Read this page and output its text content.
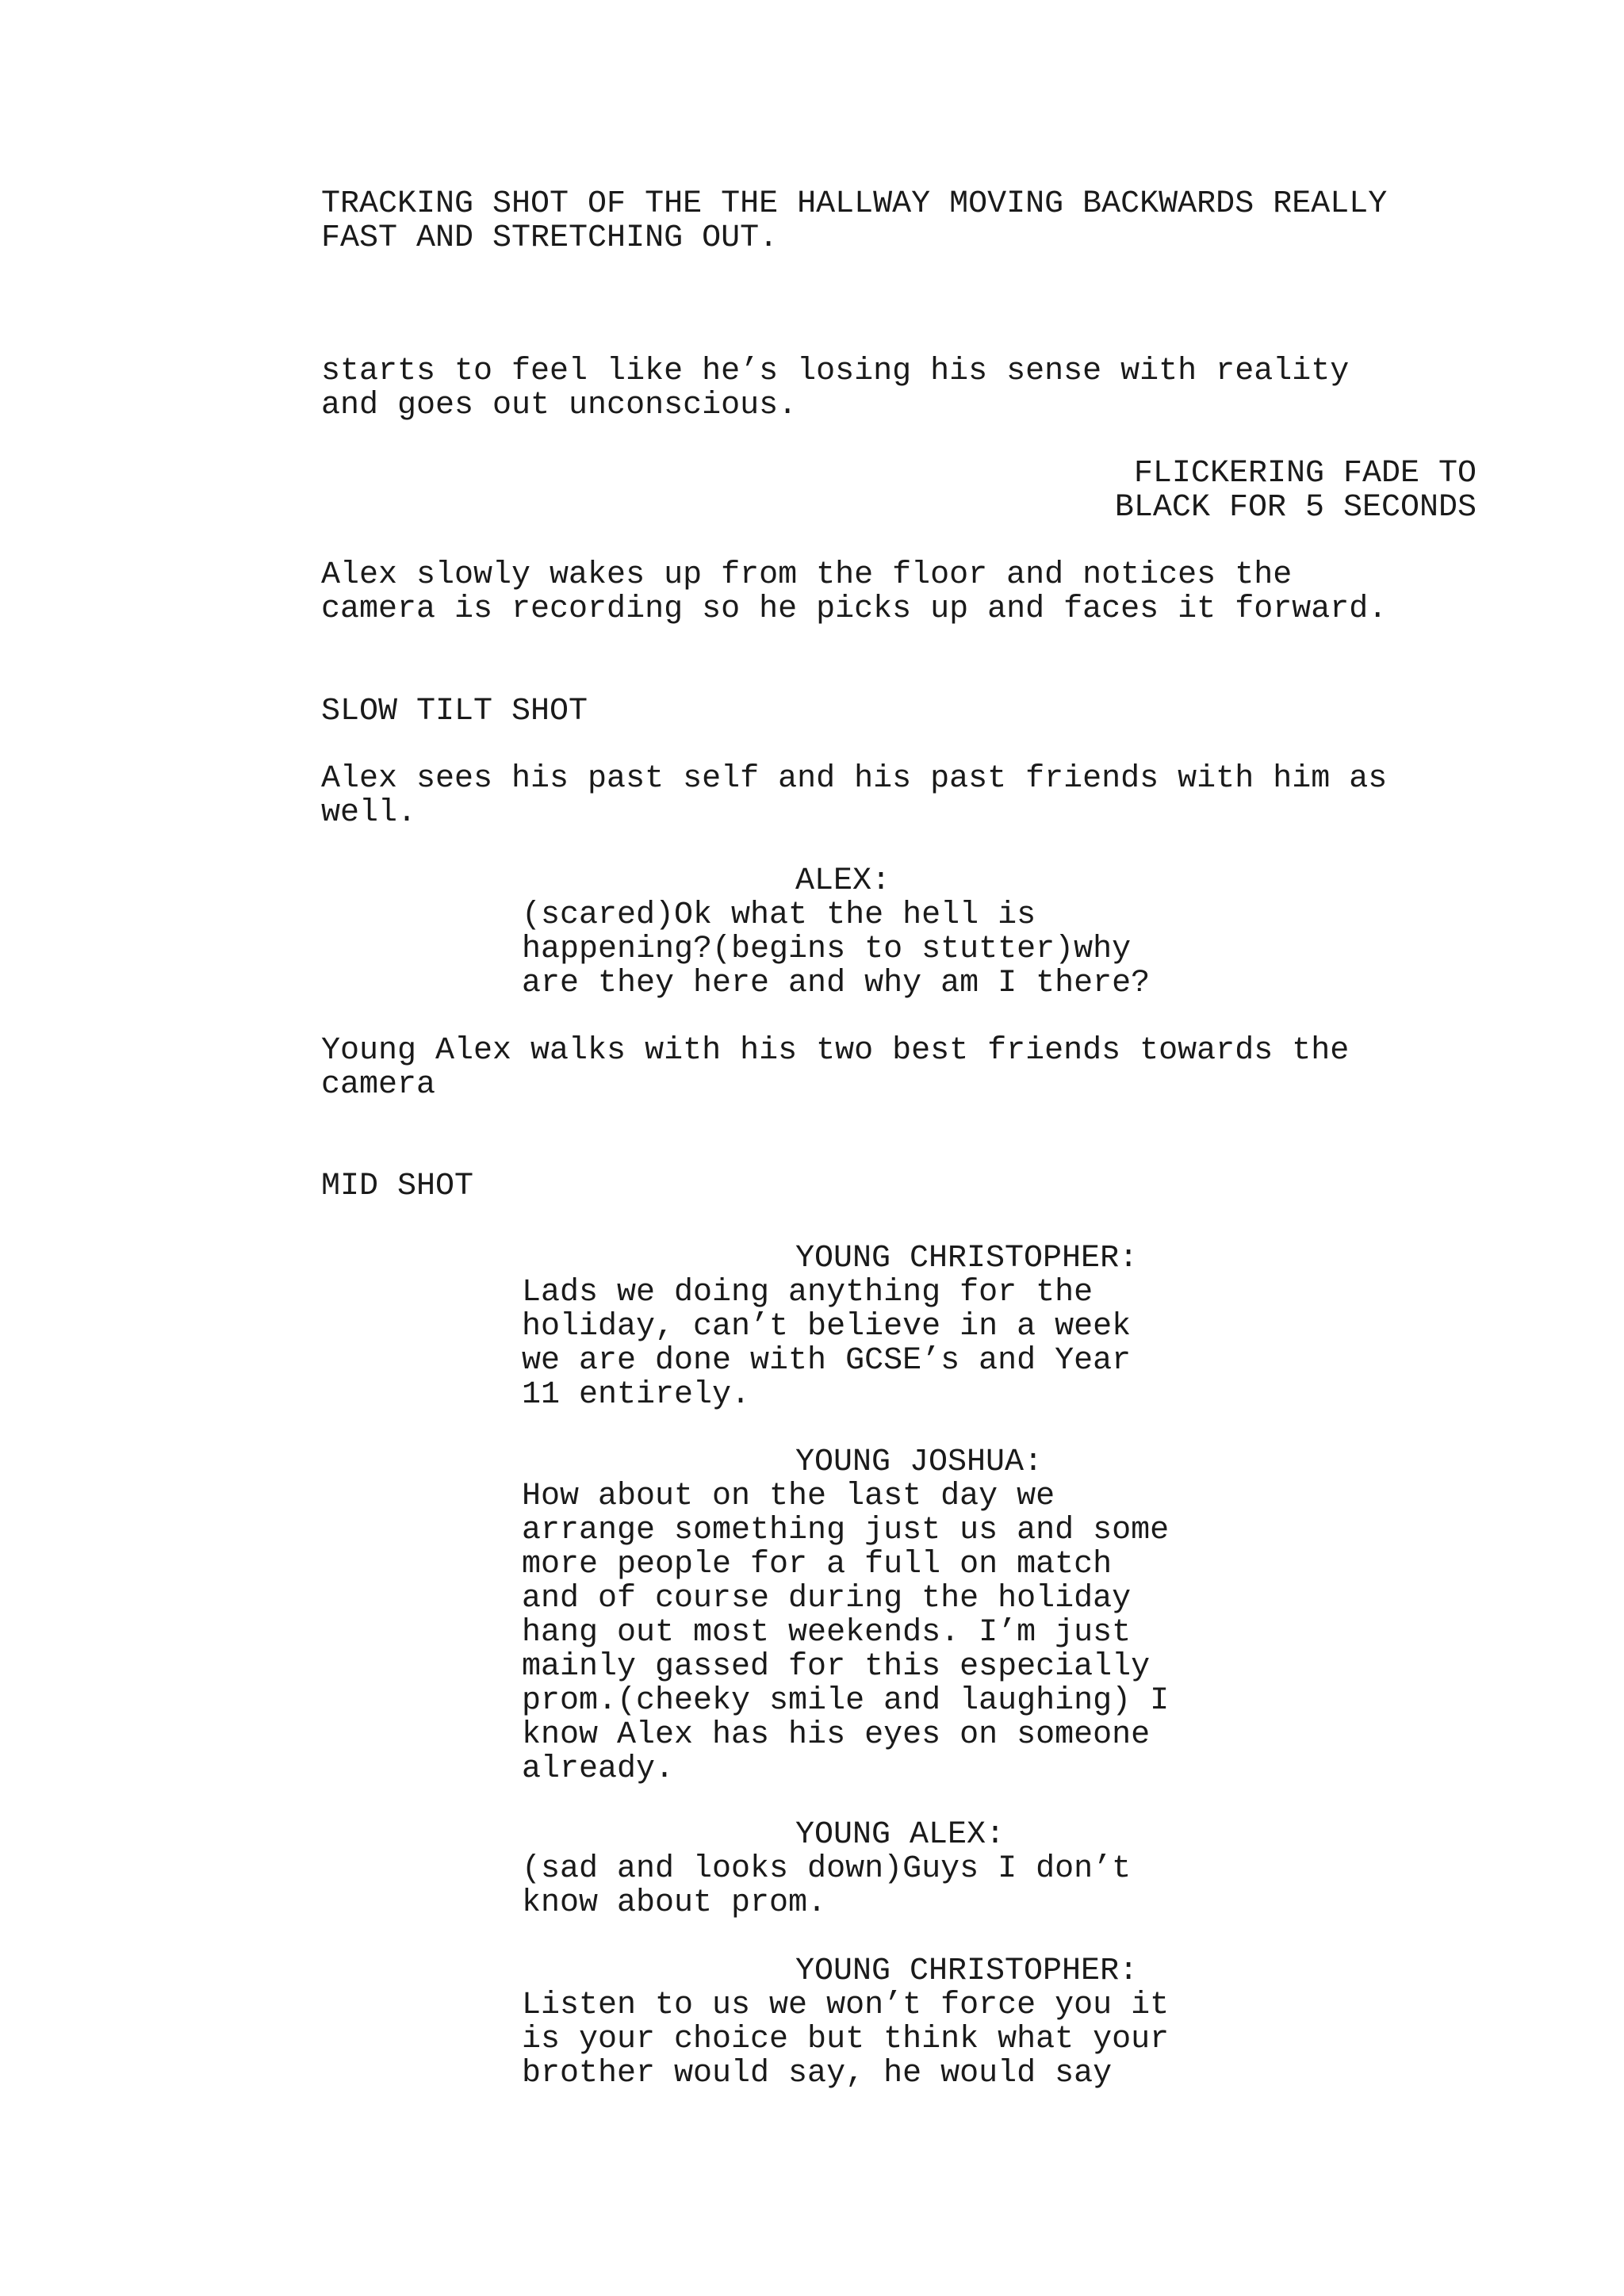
TRACKING SHOT OF THE THE HALLWAY MOVING BACKWARDS REALLY
FAST AND STRETCHING OUT.
starts to feel like he’s losing his sense with reality
and goes out unconscious.
FLICKERING FADE TO
BLACK FOR 5 SECONDS
Alex slowly wakes up from the floor and notices the
camera is recording so he picks up and faces it forward.
SLOW TILT SHOT
Alex sees his past self and his past friends with him as
well.
ALEX:
(scared)Ok what the hell is
happening?(begins to stutter)why
are they here and why am I there?
Young Alex walks with his two best friends towards the
camera
MID SHOT
YOUNG CHRISTOPHER:
Lads we doing anything for the
holiday, can’t believe in a week
we are done with GCSE’s and Year
11 entirely.
YOUNG JOSHUA:
How about on the last day we
arrange something just us and some
more people for a full on match
and of course during the holiday
hang out most weekends. I’m just
mainly gassed for this especially
prom.(cheeky smile and laughing) I
know Alex has his eyes on someone
already.
YOUNG ALEX:
(sad and looks down)Guys I don’t
know about prom.
YOUNG CHRISTOPHER:
Listen to us we won’t force you it
is your choice but think what your
brother would say, he would say
